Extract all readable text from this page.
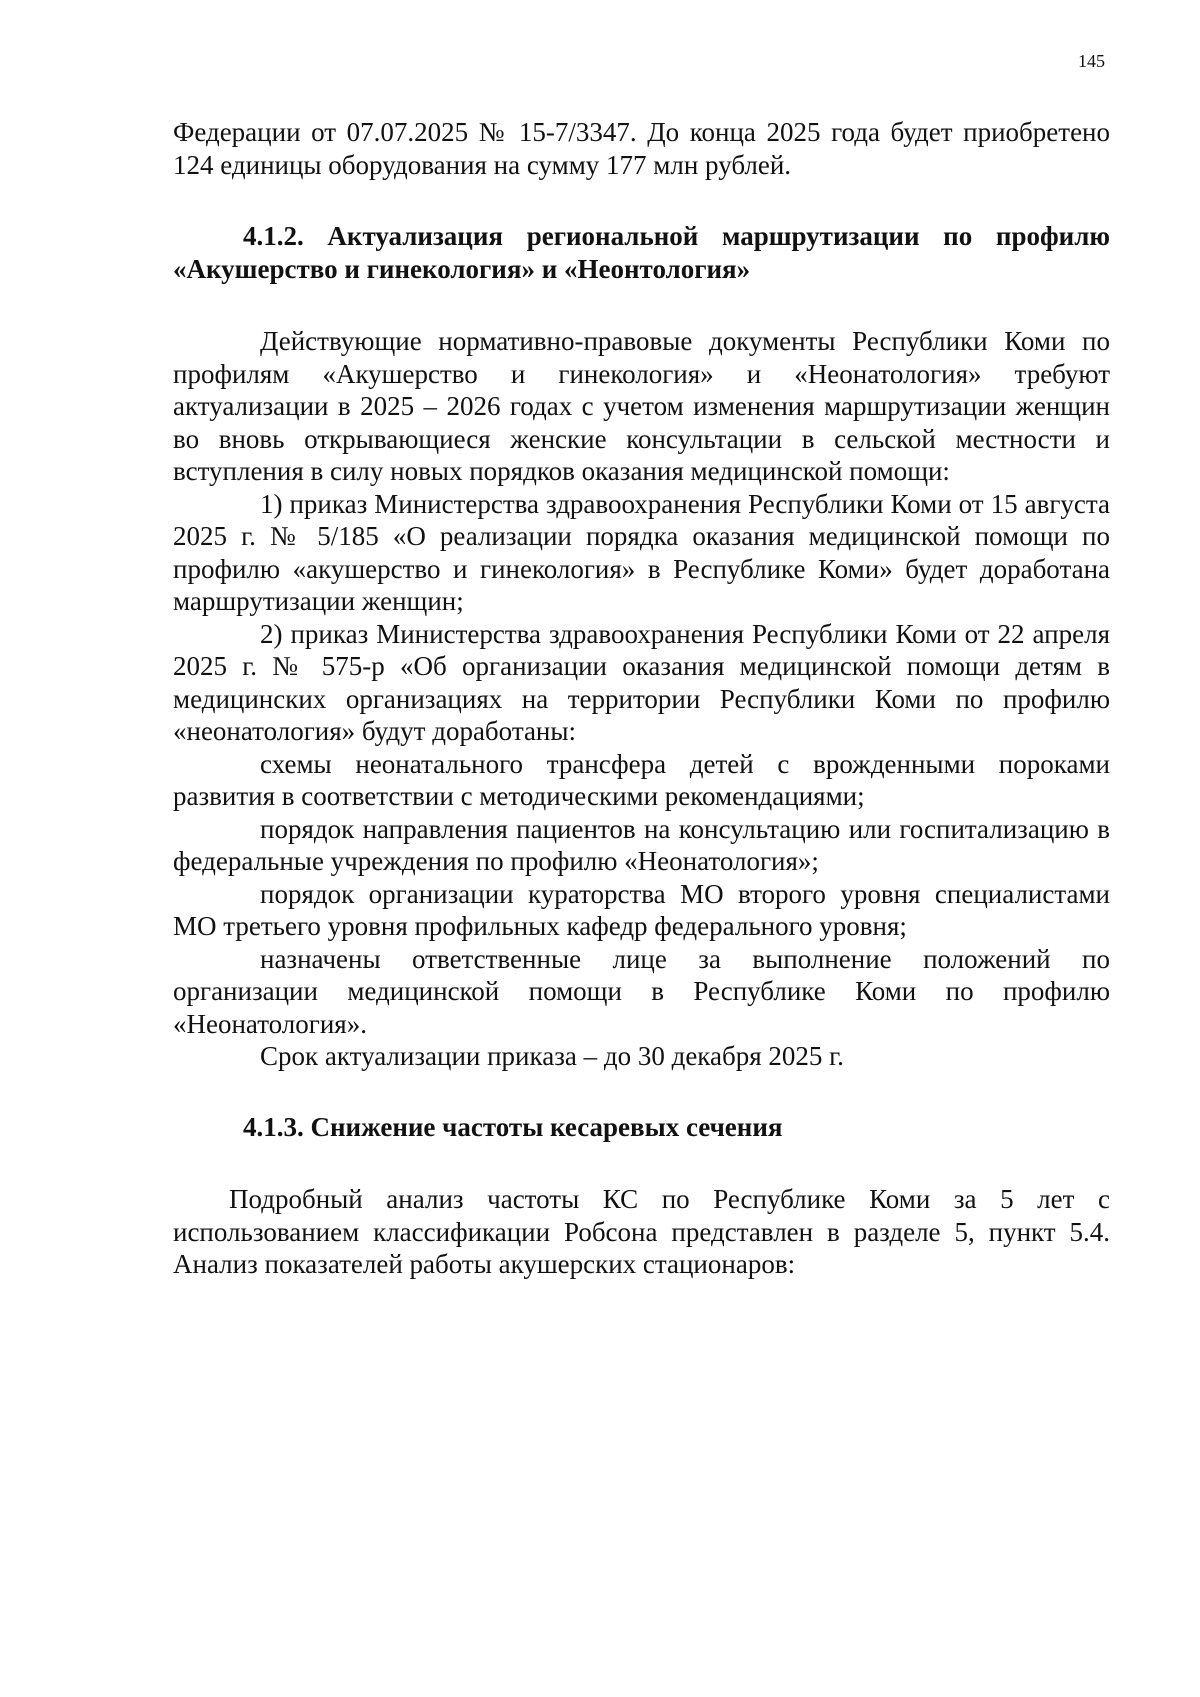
145

Федерации от 07.07.2025 № 15-7/3347. До конца 2025 года будет приобретено 124 единицы оборудования на сумму 177 млн рублей.

4.1.2. Актуализация региональной маршрутизации по профилю «Акушерство и гинекология» и «Неонтология»

Действующие нормативно-правовые документы Республики Коми по профилям «Акушерство и гинекология» и «Неонатология» требуют актуализации в 2025 – 2026 годах с учетом изменения маршрутизации женщин во вновь открывающиеся женские консультации в сельской местности и вступления в силу новых порядков оказания медицинской помощи:

1) приказ Министерства здравоохранения Республики Коми от 15 августа 2025 г. № 5/185 «О реализации порядка оказания медицинской помощи по профилю «акушерство и гинекология» в Республике Коми» будет доработана маршрутизации женщин;

2) приказ Министерства здравоохранения Республики Коми от 22 апреля 2025 г. № 575-р «Об организации оказания медицинской помощи детям в медицинских организациях на территории Республики Коми по профилю «неонатология» будут доработаны:

схемы неонатального трансфера детей с врожденными пороками развития в соответствии с методическими рекомендациями;

порядок направления пациентов на консультацию или госпитализацию в федеральные учреждения по профилю «Неонатология»;

порядок организации кураторства МО второго уровня специалистами МО третьего уровня профильных кафедр федерального уровня;

назначены ответственные лице за выполнение положений по организации медицинской помощи в Республике Коми по профилю «Неонатология».

Срок актуализации приказа – до 30 декабря 2025 г.

4.1.3. Снижение частоты кесаревых сечения

Подробный анализ частоты КС по Республике Коми за 5 лет с использованием классификации Робсона представлен в разделе 5, пункт 5.4. Анализ показателей работы акушерских стационаров:
